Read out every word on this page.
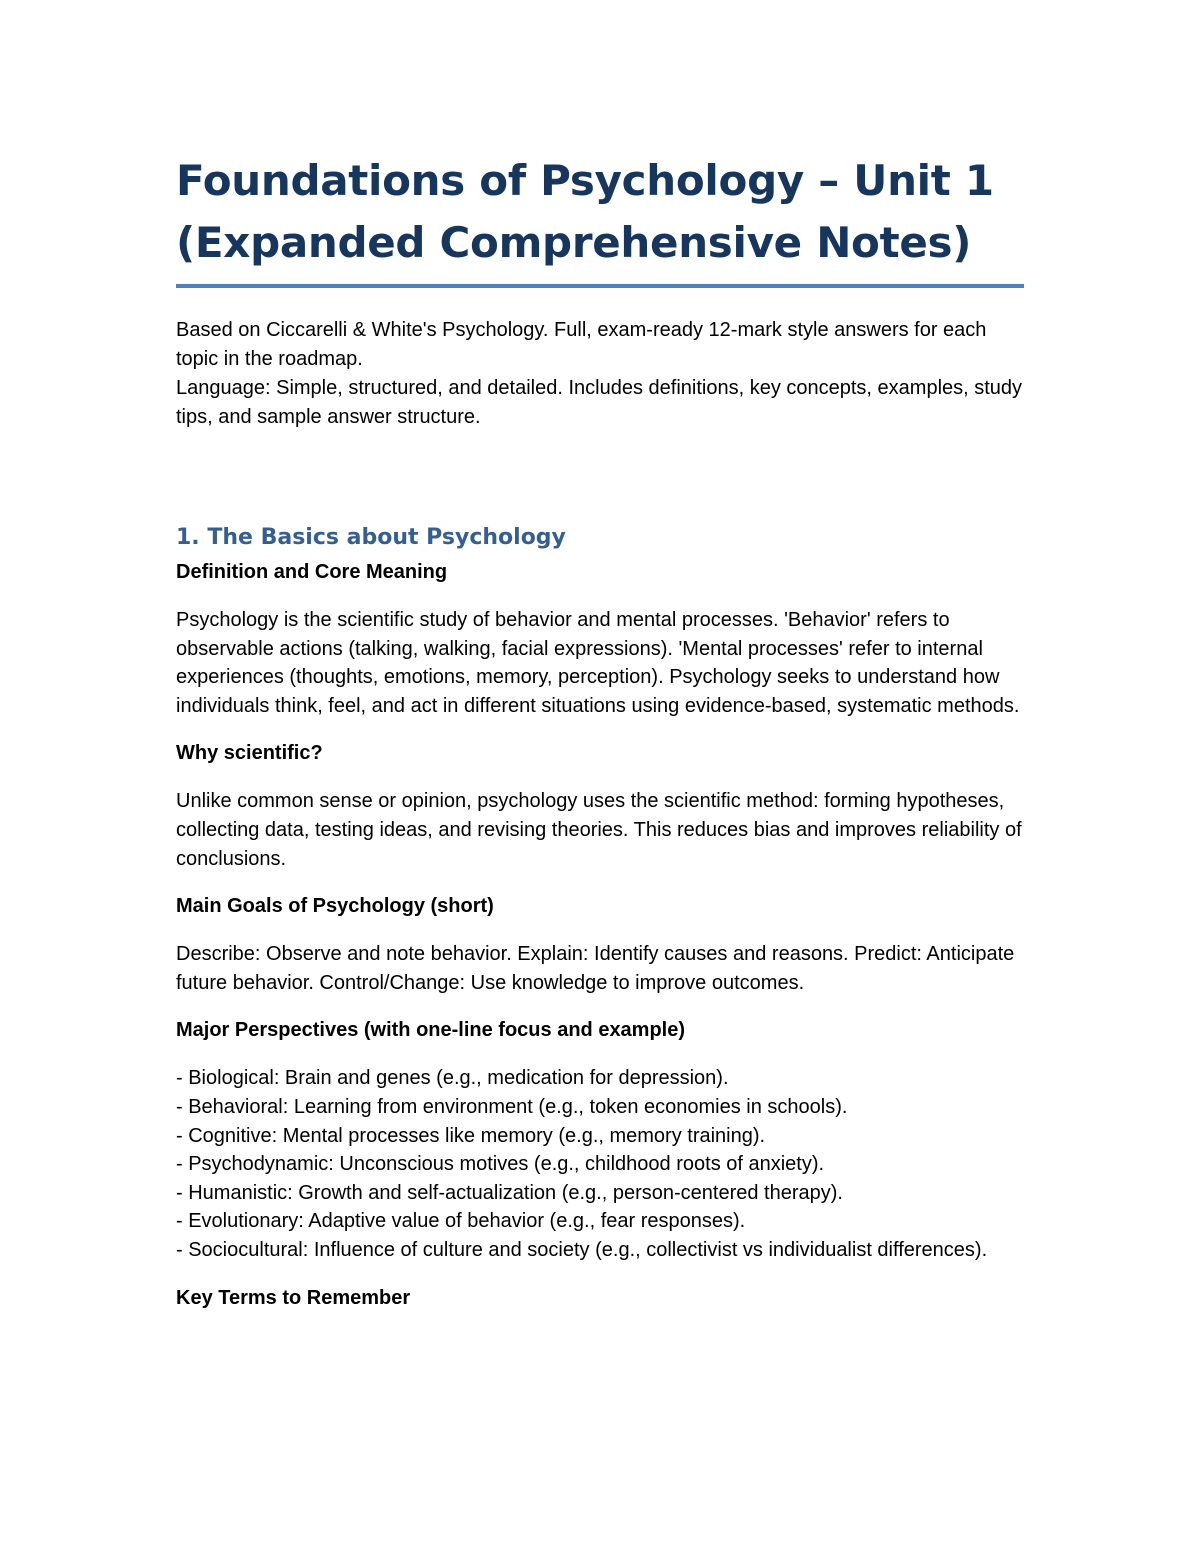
Foundations of Psychology – Unit 1 (Expanded Comprehensive Notes)

Based on Ciccarelli & White's Psychology. Full, exam-ready 12-mark style answers for each topic in the roadmap.

Language: Simple, structured, and detailed. Includes definitions, key concepts, examples, study tips, and sample answer structure.

1. The Basics about Psychology
Definition and Core Meaning

Psychology is the scientific study of behavior and mental processes. 'Behavior' refers to observable actions (talking, walking, facial expressions). 'Mental processes' refer to internal experiences (thoughts, emotions, memory, perception). Psychology seeks to understand how individuals think, feel, and act in different situations using evidence-based, systematic methods.

Why scientific?

Unlike common sense or opinion, psychology uses the scientific method: forming hypotheses, collecting data, testing ideas, and revising theories. This reduces bias and improves reliability of conclusions.

Main Goals of Psychology (short)

Describe: Observe and note behavior. Explain: Identify causes and reasons. Predict: Anticipate future behavior. Control/Change: Use knowledge to improve outcomes.

Major Perspectives (with one-line focus and example)
- Biological: Brain and genes (e.g., medication for depression).
- Behavioral: Learning from environment (e.g., token economies in schools).
- Cognitive: Mental processes like memory (e.g., memory training).
- Psychodynamic: Unconscious motives (e.g., childhood roots of anxiety).
- Humanistic: Growth and self-actualization (e.g., person-centered therapy).
- Evolutionary: Adaptive value of behavior (e.g., fear responses).
- Sociocultural: Influence of culture and society (e.g., collectivist vs individualist differences).
Key Terms to Remember
